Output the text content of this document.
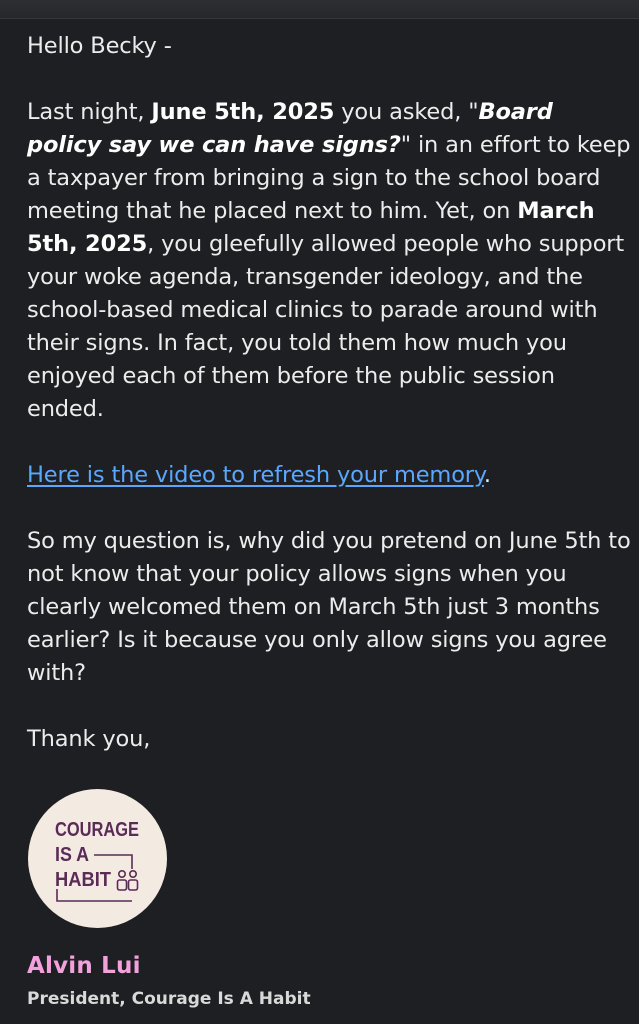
Hello Becky -

Last night, June 5th, 2025 you asked, "Board policy say we can have signs?" in an effort to keep a taxpayer from bringing a sign to the school board meeting that he placed next to him. Yet, on March 5th, 2025, you gleefully allowed people who support your woke agenda, transgender ideology, and the school-based medical clinics to parade around with their signs. In fact, you told them how much you enjoyed each of them before the public session ended.

Here is the video to refresh your memory.

So my question is, why did you pretend on June 5th to not know that your policy allows signs when you clearly welcomed them on March 5th just 3 months earlier? Is it because you only allow signs you agree with?

Thank you,

COURAGE
IS A
HABIT
Alvin Lui
President, Courage Is A Habit
